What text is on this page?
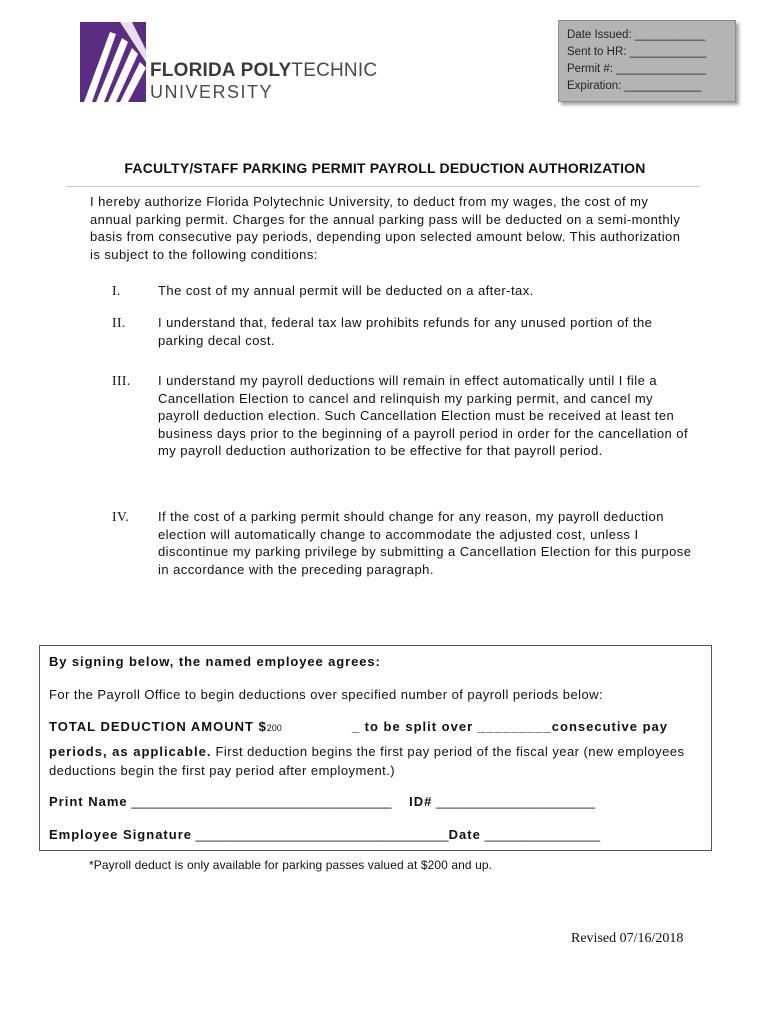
FLORIDA POLYTECHNIC
UNIVERSITY
Date Issued: ___________
Sent to HR: ____________
Permit #: ______________
Expiration: ____________
FACULTY/STAFF PARKING PERMIT PAYROLL DEDUCTION AUTHORIZATION
I hereby authorize Florida Polytechnic University, to deduct from my wages, the cost of my annual parking permit. Charges for the annual parking pass will be deducted on a semi-monthly basis from consecutive pay periods, depending upon selected amount below. This authorization is subject to the following conditions:
I.	The cost of my annual permit will be deducted on a after-tax.
II. I understand that, federal tax law prohibits refunds for any unused portion of the parking decal cost.
III. I understand my payroll deductions will remain in effect automatically until I file a Cancellation Election to cancel and relinquish my parking permit, and cancel my payroll deduction election. Such Cancellation Election must be received at least ten business days prior to the beginning of a payroll period in order for the cancellation of my payroll deduction authorization to be effective for that payroll period.
IV. If the cost of a parking permit should change for any reason, my payroll deduction election will automatically change to accommodate the adjusted cost, unless I discontinue my parking privilege by submitting a Cancellation Election for this purpose in accordance with the preceding paragraph.
By signing below, the named employee agrees:
For the Payroll Office to begin deductions over specified number of payroll periods below:
TOTAL DEDUCTION AMOUNT $200	_ to be split over _________consecutive pay
periods, as applicable. First deduction begins the first pay period of the fiscal year (new employees deductions begin the first pay period after employment.)
Print Name ____________________________________ ID# ______________________
Employee Signature ___________________________________Date ________________
*Payroll deduct is only available for parking passes valued at $200 and up.
Revised 07/16/2018
